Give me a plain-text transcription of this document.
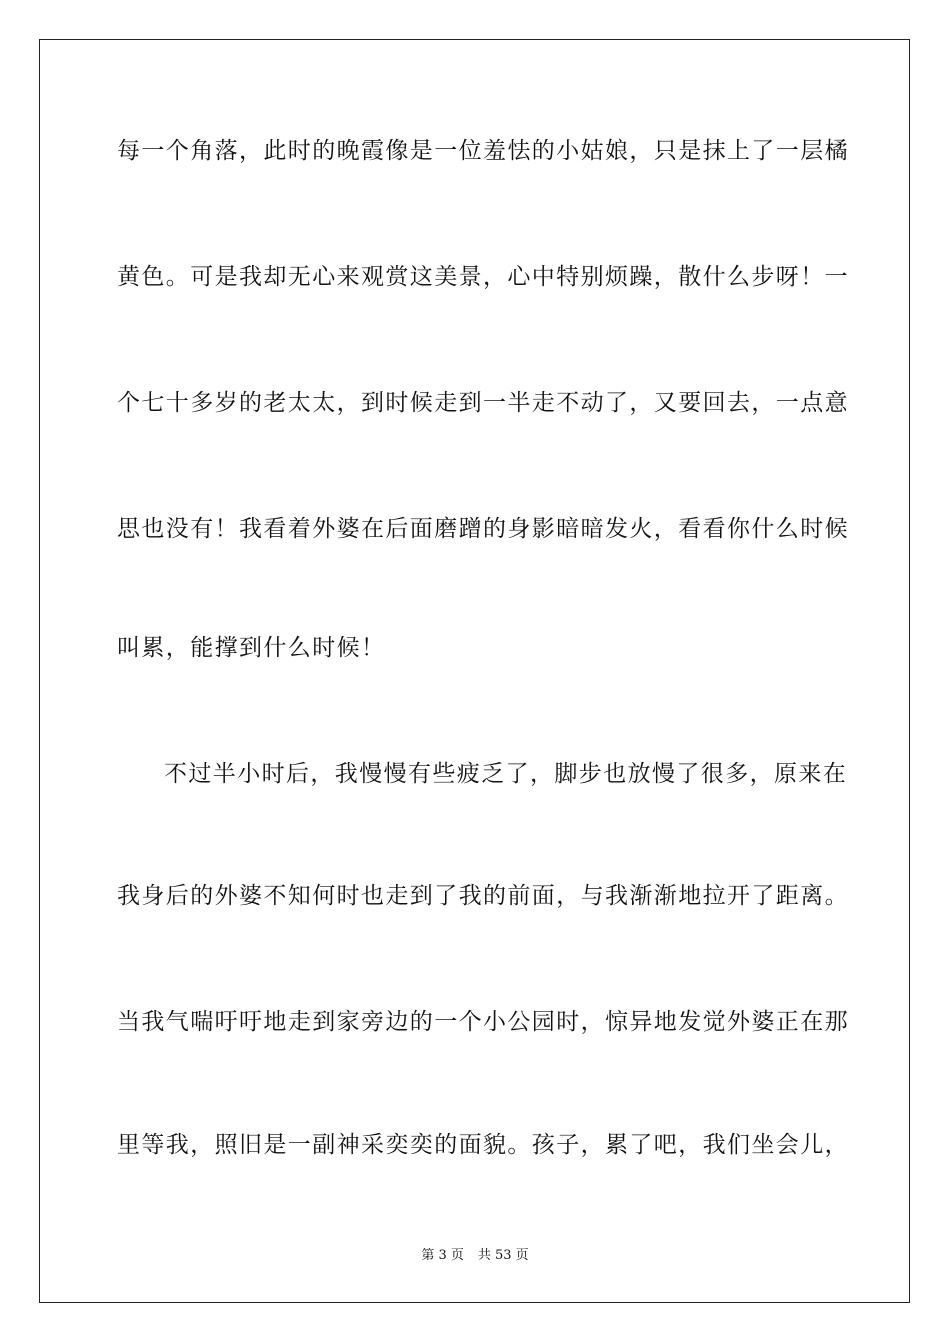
每一个角落，此时的晚霞像是一位羞怯的小姑娘，只是抹上了一层橘
黄色。可是我却无心来观赏这美景，心中特别烦躁，散什么步呀！一
个七十多岁的老太太，到时候走到一半走不动了，又要回去，一点意
思也没有！我看着外婆在后面磨蹭的身影暗暗发火，看看你什么时候
叫累，能撑到什么时候！
不过半小时后，我慢慢有些疲乏了，脚步也放慢了很多，原来在
我身后的外婆不知何时也走到了我的前面，与我渐渐地拉开了距离。
当我气喘吁吁地走到家旁边的一个小公园时，惊异地发觉外婆正在那
里等我，照旧是一副神采奕奕的面貌。孩子，累了吧，我们坐会儿，
第 3 页 共 53 页
